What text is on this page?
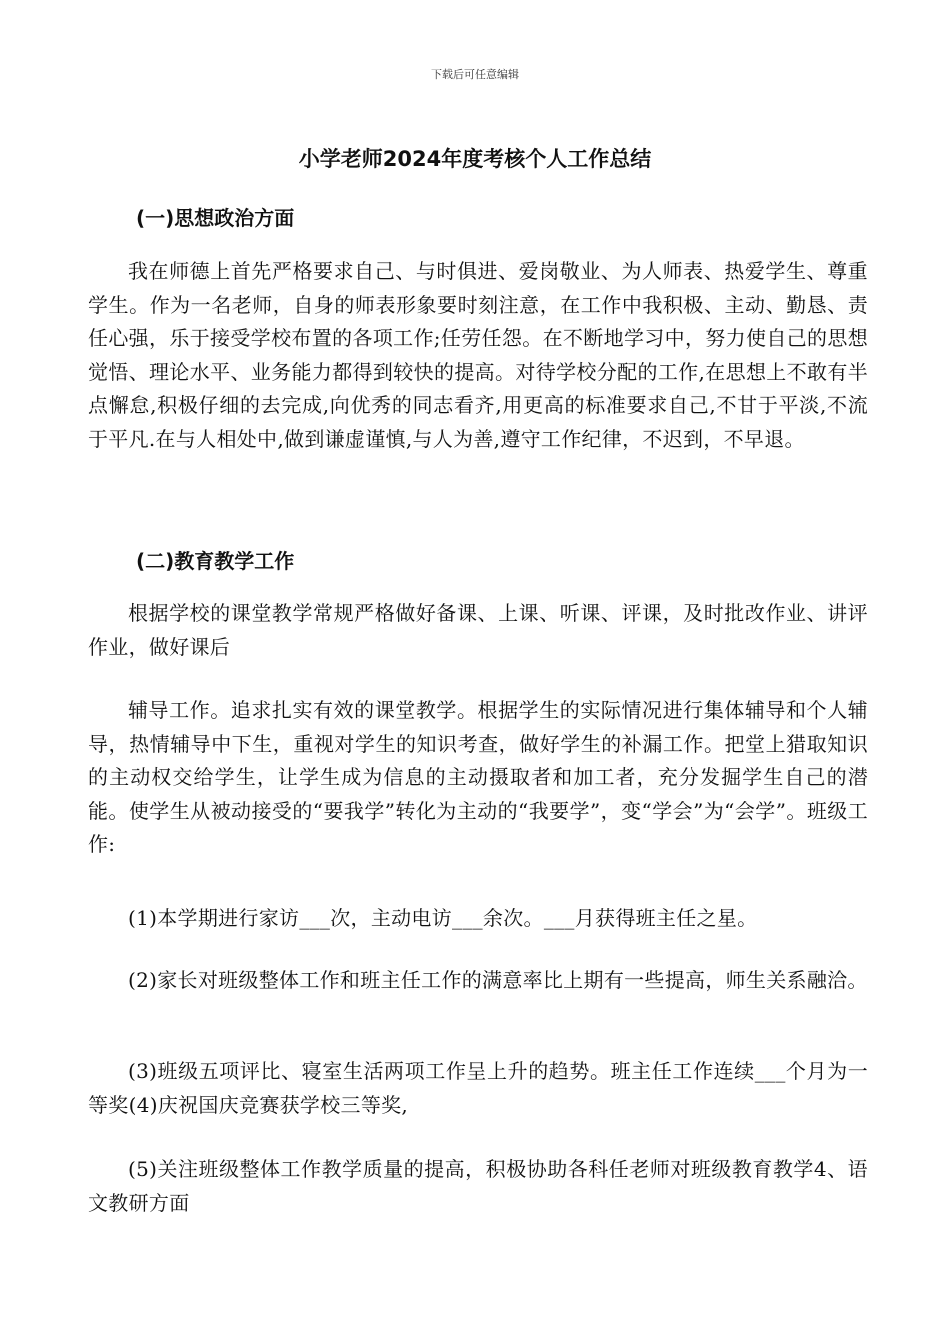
下载后可任意编辑
小学老师2024年度考核个人工作总结
(一)思想政治方面

我在师德上首先严格要求自己、与时俱进、爱岗敬业、为人师表、热爱学生、尊重学生。作为一名老师，自身的师表形象要时刻注意，在工作中我积极、主动、勤恳、责任心强，乐于接受学校布置的各项工作;任劳任怨。在不断地学习中，努力使自己的思想觉悟、理论水平、业务能力都得到较快的提高。对待学校分配的工作,在思想上不敢有半点懈怠,积极仔细的去完成,向优秀的同志看齐,用更高的标准要求自己,不甘于平淡,不流于平凡.在与人相处中,做到谦虚谨慎,与人为善,遵守工作纪律，不迟到，不早退。

(二)教育教学工作

根据学校的课堂教学常规严格做好备课、上课、听课、评课，及时批改作业、讲评作业，做好课后

辅导工作。追求扎实有效的课堂教学。根据学生的实际情况进行集体辅导和个人辅导，热情辅导中下生，重视对学生的知识考查，做好学生的补漏工作。把堂上猎取知识的主动权交给学生，让学生成为信息的主动摄取者和加工者，充分发掘学生自己的潜能。使学生从被动接受的“要我学”转化为主动的“我要学”，变“学会”为“会学”。班级工作:

(1)本学期进行家访___次，主动电访___余次。___月获得班主任之星。

(2)家长对班级整体工作和班主任工作的满意率比上期有一些提高，师生关系融洽。

(3)班级五项评比、寝室生活两项工作呈上升的趋势。班主任工作连续___个月为一等奖(4)庆祝国庆竞赛获学校三等奖,

(5)关注班级整体工作教学质量的提高，积极协助各科任老师对班级教育教学4、语文教研方面
